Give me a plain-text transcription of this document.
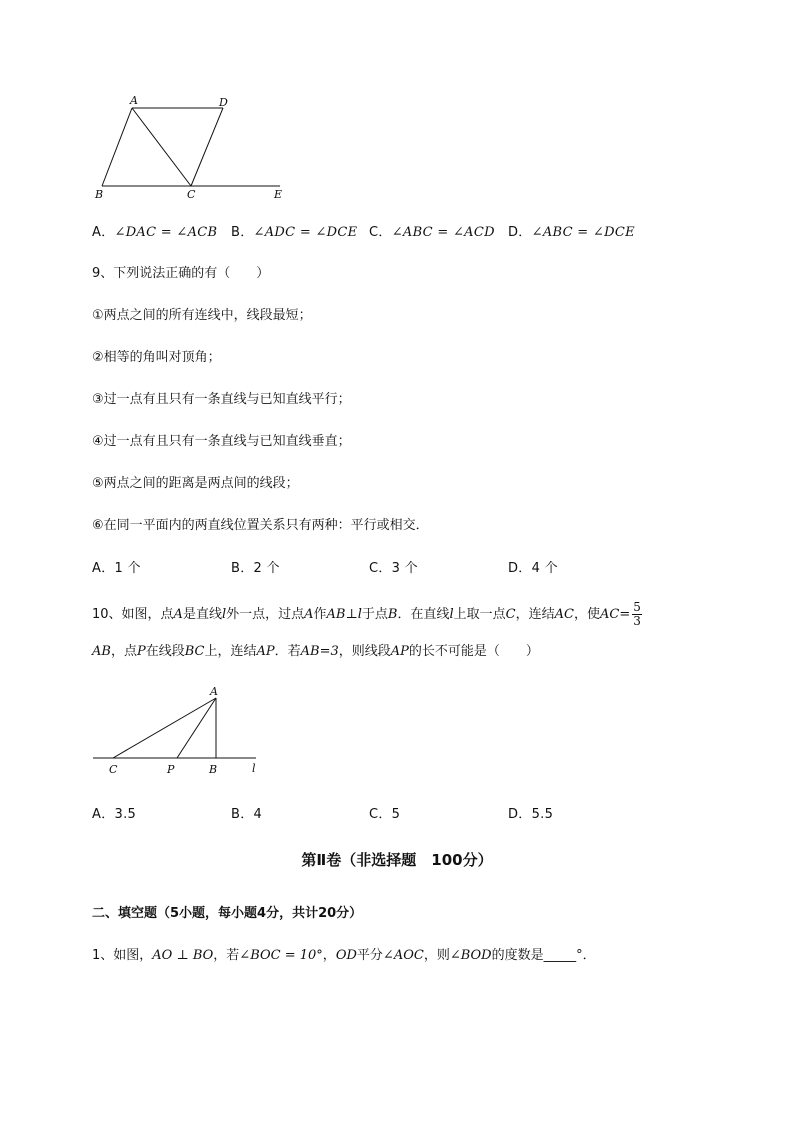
A	D
B	C	E
A．∠DAC = ∠ACB B．∠ADC = ∠DCE C．∠ABC = ∠ACD D．∠ABC = ∠DCE
9、下列说法正确的有（　　）
①两点之间的所有连线中，线段最短；
②相等的角叫对顶角；
③过一点有且只有一条直线与已知直线平行；
④过一点有且只有一条直线与已知直线垂直；
⑤两点之间的距离是两点间的线段；
⑥在同一平面内的两直线位置关系只有两种：平行或相交．
A．1 个	B．2 个	C．3 个	D．4 个
10、如图，点A是直线l外一点，过点A作AB⊥l于点B．在直线l上取一点C，连结AC，使$AC= \frac{5}{3}$
AB，点P在线段BC上，连结AP．若AB=3，则线段AP的长不可能是（　　）
A
C	P	B	l
A．3.5	B．4	C．5	D．5.5
第Ⅱ卷（非选择题　100分）
二、填空题（5小题，每小题4分，共计20分）
1、如图，AO ⊥ BO，若∠BOC = 10°，OD平分∠AOC，则∠BOD的度数是_____°．
